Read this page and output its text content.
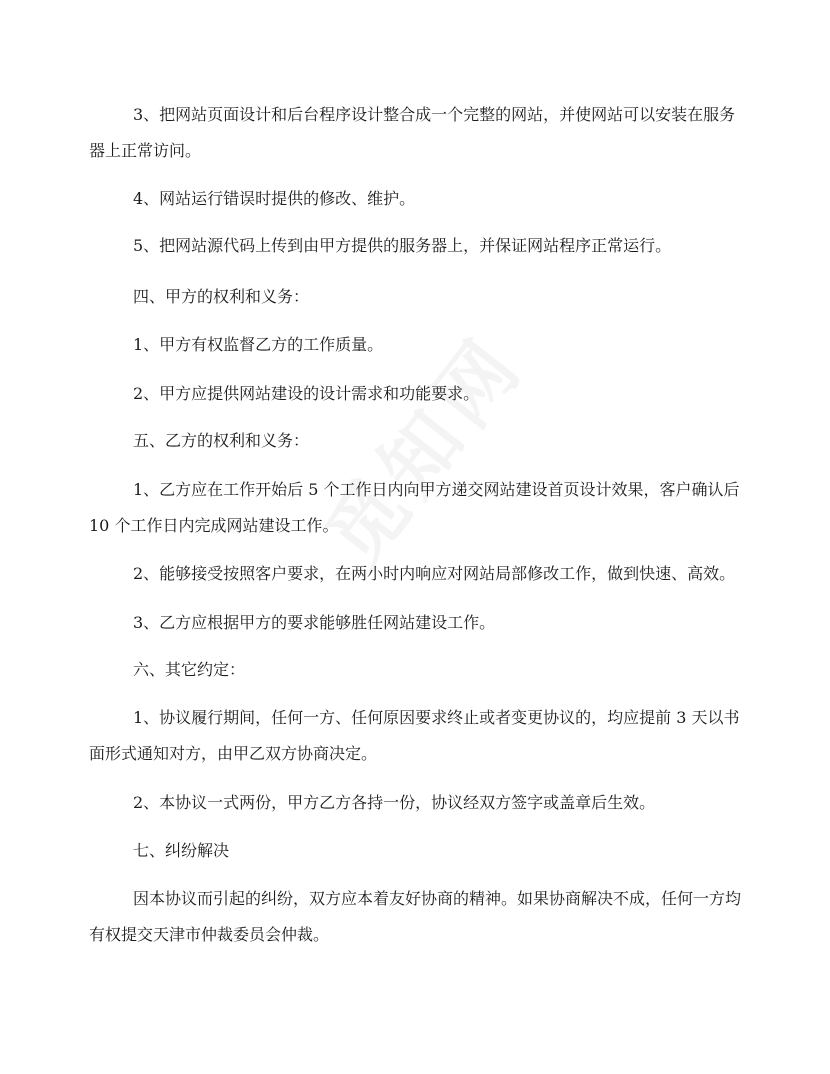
3、把网站页面设计和后台程序设计整合成一个完整的网站，并使网站可以安装在服务器上正常访问。

4、网站运行错误时提供的修改、维护。

5、把网站源代码上传到由甲方提供的服务器上，并保证网站程序正常运行。

四、甲方的权利和义务：

1、甲方有权监督乙方的工作质量。

2、甲方应提供网站建设的设计需求和功能要求。

五、乙方的权利和义务：

1、乙方应在工作开始后 5 个工作日内向甲方递交网站建设首页设计效果，客户确认后 10 个工作日内完成网站建设工作。

2、能够接受按照客户要求，在两小时内响应对网站局部修改工作，做到快速、高效。

3、乙方应根据甲方的要求能够胜任网站建设工作。

六、其它约定：

1、协议履行期间，任何一方、任何原因要求终止或者变更协议的，均应提前 3 天以书面形式通知对方，由甲乙双方协商决定。

2、本协议一式两份，甲方乙方各持一份，协议经双方签字或盖章后生效。

七、纠纷解决

因本协议而引起的纠纷，双方应本着友好协商的精神。如果协商解决不成，任何一方均有权提交天津市仲裁委员会仲裁。
